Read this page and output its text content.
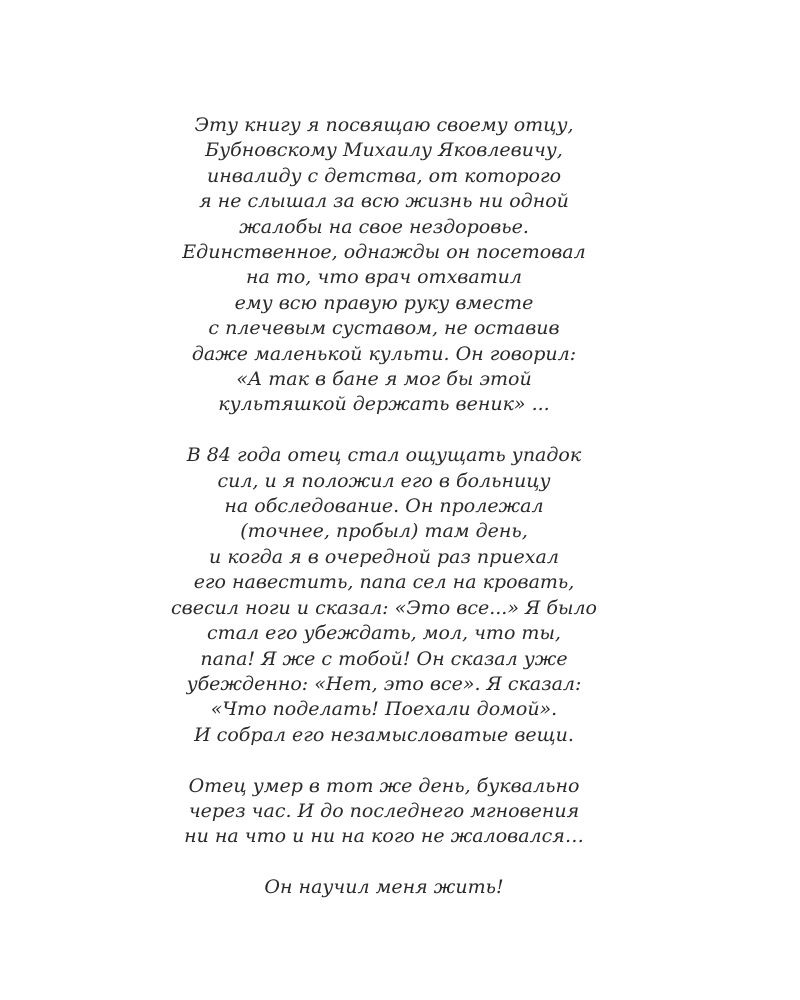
Эту книгу я посвящаю своему отцу,
Бубновскому Михаилу Яковлевичу,
инвалиду с детства, от которого
я не слышал за всю жизнь ни одной
жалобы на свое нездоровье.
Единственное, однажды он посетовал
на то, что врач отхватил
ему всю правую руку вместе
с плечевым суставом, не оставив
даже маленькой культи. Он говорил:
«А так в бане я мог бы этой
культяшкой держать веник» ...

В 84 года отец стал ощущать упадок
сил, и я положил его в больницу
на обследование. Он пролежал
(точнее, пробыл) там день,
и когда я в очередной раз приехал
его навестить, папа сел на кровать,
свесил ноги и сказал: «Это все...» Я было
стал его убеждать, мол, что ты,
папа! Я же с тобой! Он сказал уже
убежденно: «Нет, это все». Я сказал:
«Что поделать! Поехали домой».
И собрал его незамысловатые вещи.

Отец умер в тот же день, буквально
через час. И до последнего мгновения
ни на что и ни на кого не жаловался…

Он научил меня жить!
